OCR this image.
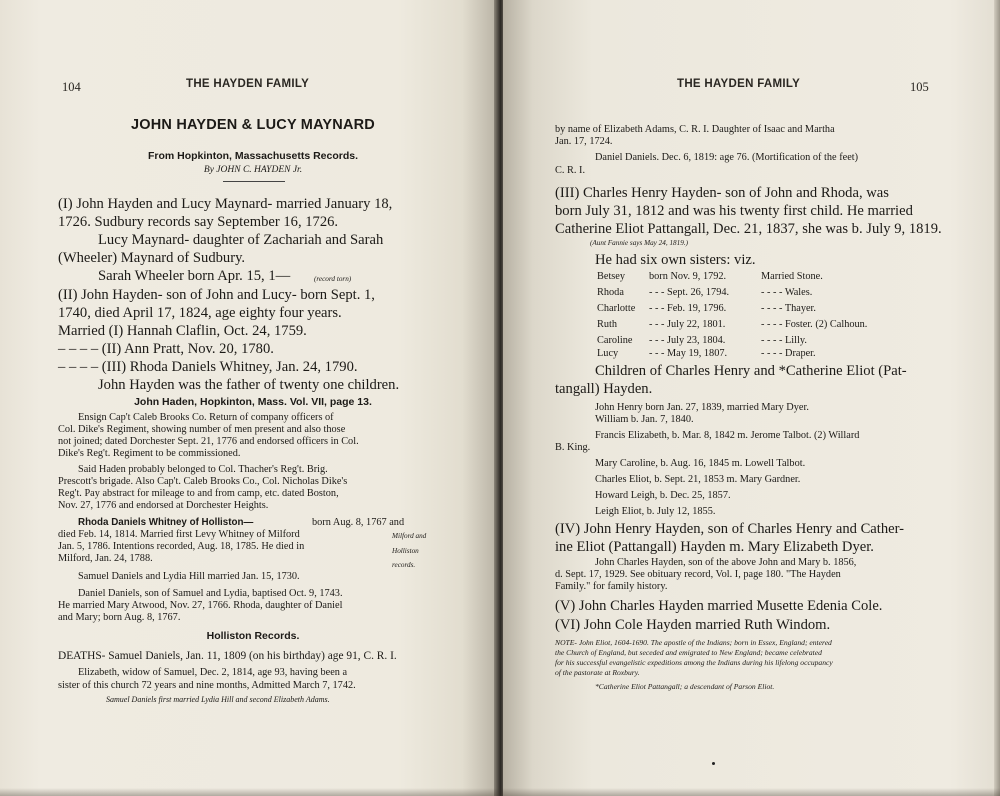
104	THE HAYDEN FAMILY
JOHN HAYDEN & LUCY MAYNARD
From Hopkinton, Massachusetts Records.
By JOHN C. HAYDEN Jr.
(I) John Hayden and Lucy Maynard- married January 18,
1726. Sudbury records say September 16, 1726.
Lucy Maynard- daughter of Zachariah and Sarah
(Wheeler) Maynard of Sudbury.
Sarah Wheeler born Apr. 15, 1—	(record torn)
(II) John Hayden- son of John and Lucy- born Sept. 1,
1740, died April 17, 1824, age eighty four years.
Married (I) Hannah Claflin, Oct. 24, 1759.
– – – – (II) Ann Pratt, Nov. 20, 1780.
– – – – (III) Rhoda Daniels Whitney, Jan. 24, 1790.
John Hayden was the father of twenty one children.
John Haden, Hopkinton, Mass. Vol. VII, page 13.
Ensign Cap't Caleb Brooks Co. Return of company officers of
Col. Dike's Regiment, showing number of men present and also those
not joined; dated Dorchester Sept. 21, 1776 and endorsed officers in Col.
Dike's Reg't. Regiment to be commissioned.
Said Haden probably belonged to Col. Thacher's Reg't. Brig.
Prescott's brigade. Also Cap't. Caleb Brooks Co., Col. Nicholas Dike's
Reg't. Pay abstract for mileage to and from camp, etc. dated Boston,
Nov. 27, 1776 and endorsed at Dorchester Heights.
Rhoda Daniels Whitney of Holliston—	born Aug. 8, 1767 and
died Feb. 14, 1814. Married first Levy Whitney of Milford
Jan. 5, 1786. Intentions recorded, Aug. 18, 1785. He died in
Milford, Jan. 24, 1788.
Milford and
Holliston
records.
Samuel Daniels and Lydia Hill married Jan. 15, 1730.
Daniel Daniels, son of Samuel and Lydia, baptised Oct. 9, 1743.
He married Mary Atwood, Nov. 27, 1766. Rhoda, daughter of Daniel
and Mary; born Aug. 8, 1767.
Holliston Records.
DEATHS- Samuel Daniels, Jan. 11, 1809 (on his birthday) age 91, C. R. I.
Elizabeth, widow of Samuel, Dec. 2, 1814, age 93, having been a
sister of this church 72 years and nine months, Admitted March 7, 1742.
Samuel Daniels first married Lydia Hill and second Elizabeth Adams.
THE HAYDEN FAMILY	105
by name of Elizabeth Adams, C. R. I. Daughter of Isaac and Martha
Jan. 17, 1724.
Daniel Daniels. Dec. 6, 1819: age 76. (Mortification of the feet)
C. R. I.
(III) Charles Henry Hayden- son of John and Rhoda, was
born July 31, 1812 and was his twenty first child. He married
Catherine Eliot Pattangall, Dec. 21, 1837, she was b. July 9, 1819.
(Aunt Fannie says May 24, 1819.)
He had six own sisters: viz.
Betsey born Nov. 9, 1792.	Married Stone.
Rhoda - - - Sept. 26, 1794.	- - - - Wales.
Charlotte - - - Feb. 19, 1796.	- - - - Thayer.
Ruth	- - - July 22, 1801.	- - - - Foster. (2) Calhoun.
Caroline - - - July 23, 1804.	- - - - Lilly.
Lucy	- - - May 19, 1807.	- - - - Draper.
Children of Charles Henry and *Catherine Eliot (Pat-
tangall) Hayden.
John Henry born Jan. 27, 1839, married Mary Dyer.
William b. Jan. 7, 1840.
Francis Elizabeth, b. Mar. 8, 1842 m. Jerome Talbot. (2) Willard
B. King.
Mary Caroline, b. Aug. 16, 1845 m. Lowell Talbot.
Charles Eliot, b. Sept. 21, 1853 m. Mary Gardner.
Howard Leigh, b. Dec. 25, 1857.
Leigh Eliot, b. July 12, 1855.
(IV) John Henry Hayden, son of Charles Henry and Cather-
ine Eliot (Pattangall) Hayden m. Mary Elizabeth Dyer.
John Charles Hayden, son of the above John and Mary b. 1856,
d. Sept. 17, 1929. See obituary record, Vol. I, page 180. "The Hayden
Family." for family history.
(V) John Charles Hayden married Musette Edenia Cole.
(VI) John Cole Hayden married Ruth Windom.
NOTE- John Eliot, 1604-1690. The apostle of the Indians; born in Essex, England; entered
the Church of England, but seceded and emigrated to New England; became celebrated
for his successful evangelistic expeditions among the Indians during his lifelong occupancy
of the pastorate at Roxbury.
*Catherine Eliot Pattangall; a descendant of Parson Eliot.
